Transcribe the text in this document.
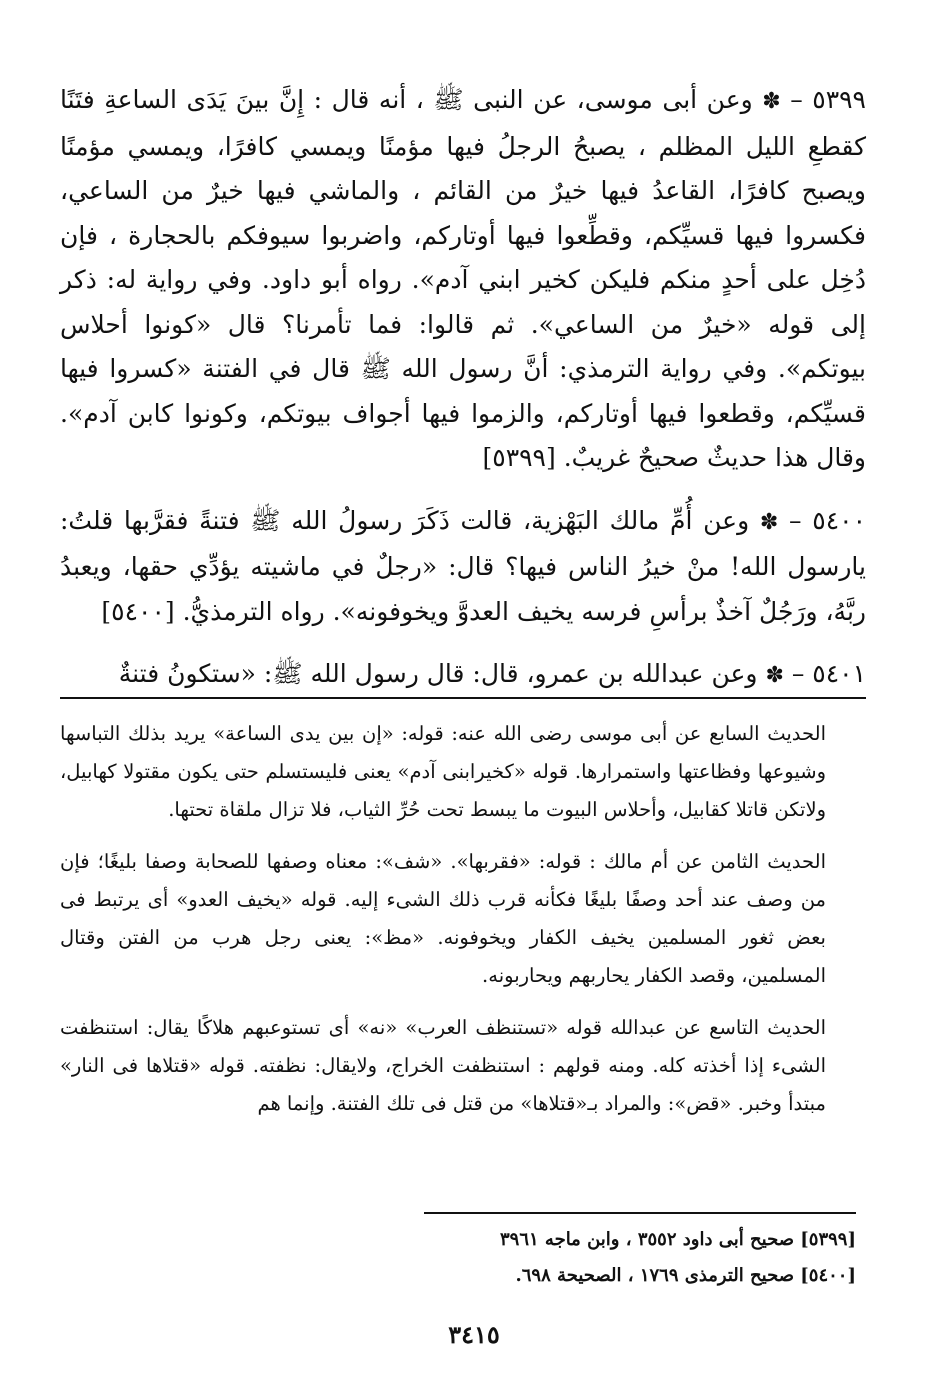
٥٣٩٩ – ✽ وعن أبى موسى، عن النبى ﷺ ، أنه قال : إِنَّ بينَ يَدَى الساعةِ فتَنًا كقطعِ الليل المظلم ، يصبحُ الرجلُ فيها مؤمنًا ويمسي كافرًا، ويمسي مؤمنًا ويصبح كافرًا، القاعدُ فيها خيرٌ من القائم ، والماشي فيها خيرٌ من الساعي، فكسروا فيها قسيِّكم، وقطِّعوا فيها أوتاركم، واضربوا سيوفكم بالحجارة ، فإن دُخِل على أحدٍ منكم فليكن كخير ابني آدم». رواه أبو داود. وفي رواية له: ذكر إلى قوله «خيرٌ من الساعي». ثم قالوا: فما تأمرنا؟ قال «كونوا أحلاس بيوتكم». وفي رواية الترمذي: أنَّ رسول الله ﷺ قال في الفتنة «كسروا فيها قسيِّكم، وقطعوا فيها أوتاركم، والزموا فيها أجواف بيوتكم، وكونوا كابن آدم». وقال هذا حديثٌ صحيحٌ غريبٌ. [٥٣٩٩]

٥٤٠٠ – ✽ وعن أُمِّ مالك البَهْزية، قالت ذَكَرَ رسولُ الله ﷺ فتنةً فقرَّبها قلتُ: يارسول الله! منْ خيرُ الناس فيها؟ قال: «رجلٌ في ماشيته يؤدِّي حقها، ويعبدُ ربَّهُ، ورَجُلٌ آخذٌ برأسِ فرسه يخيف العدوَّ ويخوفونه». رواه الترمذيُّ. [٥٤٠٠]

٥٤٠١ – ✽ وعن عبدالله بن عمرو، قال: قال رسول الله ﷺ: «ستكونُ فتنةٌ

الحديث السابع عن أبى موسى رضى الله عنه: قوله: «إن بين يدى الساعة» يريد بذلك التباسها وشيوعها وفظاعتها واستمرارها. قوله «كخيرابنى آدم» يعنى فليستسلم حتى يكون مقتولا كهابيل، ولاتكن قاتلا كقابيل، وأحلاس البيوت ما يبسط تحت حُرِّ الثياب، فلا تزال ملقاة تحتها.

الحديث الثامن عن أم مالك : قوله: «فقربها». «شف»: معناه وصفها للصحابة وصفا بليغًا؛ فإن من وصف عند أحد وصفًا بليغًا فكأنه قرب ذلك الشىء إليه. قوله «يخيف العدو» أى يرتبط فى بعض ثغور المسلمين يخيف الكفار ويخوفونه. «مظ»: يعنى رجل هرب من الفتن وقتال المسلمين، وقصد الكفار يحاربهم ويحاربونه.

الحديث التاسع عن عبدالله قوله «تستنظف العرب» «نه» أى تستوعبهم هلاكًا يقال: استنظفت الشىء إذا أخذته كله. ومنه قولهم : استنظفت الخراج، ولايقال: نظفته. قوله «قتلاها فى النار» مبتدأ وخبر. «قض»: والمراد بـ«قتلاها» من قتل فى تلك الفتنة. وإنما هم

[٥٣٩٩] صحيح أبى داود ٣٥٥٢ ، وابن ماجه ٣٩٦١
[٥٤٠٠] صحيح الترمذى ١٧٦٩ ، الصحيحة ٦٩٨.
٣٤١٥
